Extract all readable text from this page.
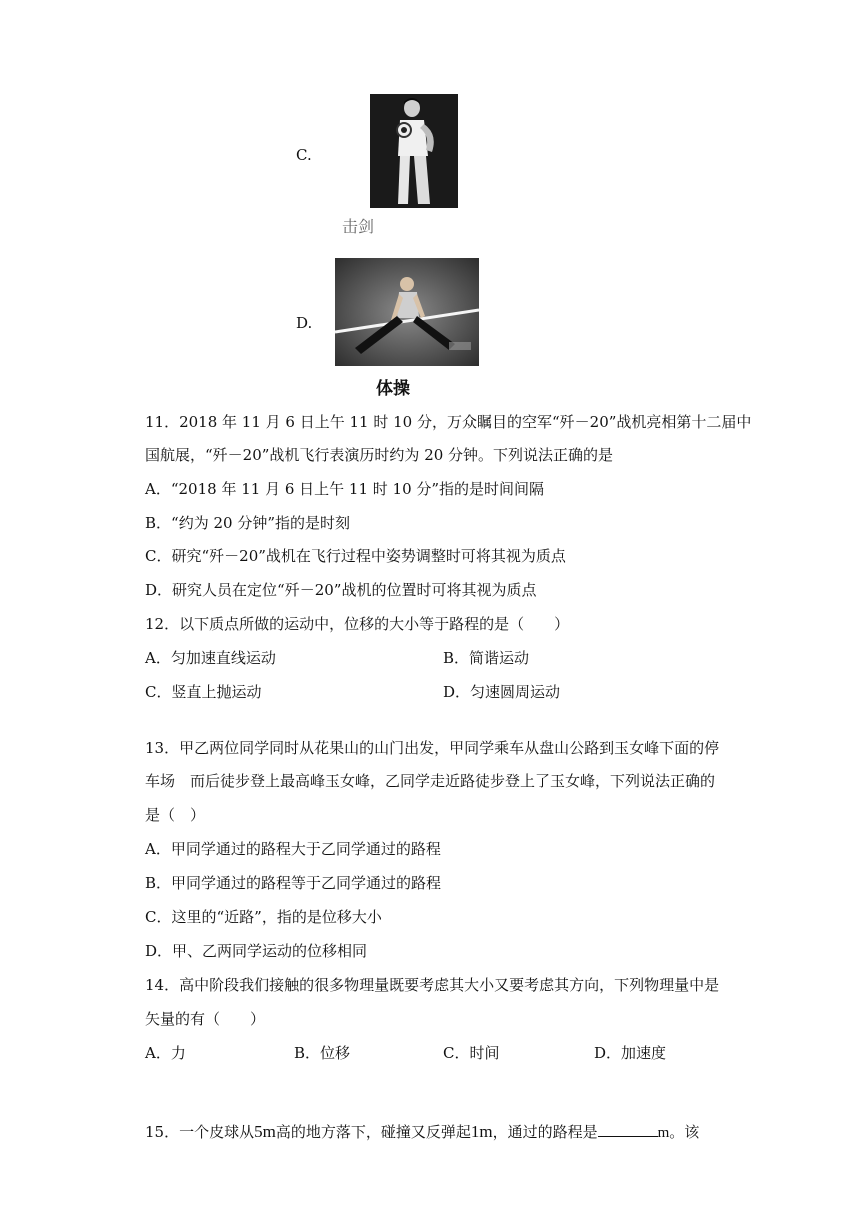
C.
击剑
D.
体操
11．2018 年 11 月 6 日上午 11 时 10 分，万众瞩目的空军“歼－20”战机亮相第十二届中
国航展，“歼－20”战机飞行表演历时约为 20 分钟。下列说法正确的是
A．“2018 年 11 月 6 日上午 11 时 10 分”指的是时间间隔
B．“约为 20 分钟”指的是时刻
C．研究“歼－20”战机在飞行过程中姿势调整时可将其视为质点
D．研究人员在定位“歼－20”战机的位置时可将其视为质点
12．以下质点所做的运动中，位移的大小等于路程的是（　　）
A．匀加速直线运动	B．简谐运动
C．竖直上抛运动	D．匀速圆周运动
13．甲乙两位同学同时从花果山的山门出发，甲同学乘车从盘山公路到玉女峰下面的停
车场　而后徒步登上最高峰玉女峰，乙同学走近路徒步登上了玉女峰，下列说法正确的
是（　）
A．甲同学通过的路程大于乙同学通过的路程
B．甲同学通过的路程等于乙同学通过的路程
C．这里的“近路”，指的是位移大小
D．甲、乙两同学运动的位移相同
14．高中阶段我们接触的很多物理量既要考虑其大小又要考虑其方向，下列物理量中是
矢量的有（　　）
A．力	B．位移	C．时间	D．加速度
15．一个皮球从5m高的地方落下，碰撞又反弹起1m，通过的路程是	m。该
